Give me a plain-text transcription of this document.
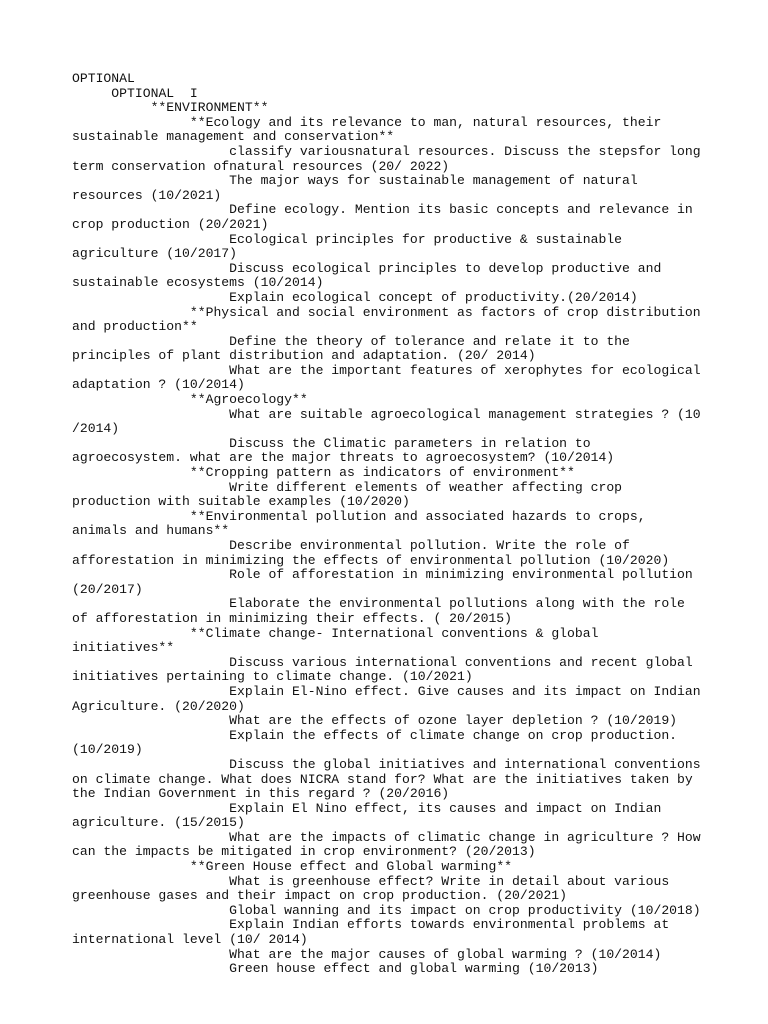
OPTIONAL
OPTIONAL  I
**ENVIRONMENT**
**Ecology and its relevance to man, natural resources, their sustainable management and conservation**
classify variousnatural resources. Discuss the stepsfor long term conservation ofnatural resources (20/ 2022)
The major ways for sustainable management of natural resources (10/2021)
Define ecology. Mention its basic concepts and relevance in crop production (20/2021)
Ecological principles for productive & sustainable agriculture (10/2017)
Discuss ecological principles to develop productive and sustainable ecosystems (10/2014)
Explain ecological concept of productivity.(20/2014)
**Physical and social environment as factors of crop distribution and production**
Define the theory of tolerance and relate it to the principles of plant distribution and adaptation. (20/ 2014)
What are the important features of xerophytes for ecological adaptation ? (10/2014)
**Agroecology**
What are suitable agroecological management strategies ? (10 /2014)
Discuss the Climatic parameters in relation to agroecosystem. what are the major threats to agroecosystem? (10/2014)
**Cropping pattern as indicators of environment**
Write different elements of weather affecting crop production with suitable examples (10/2020)
**Environmental pollution and associated hazards to crops, animals and humans**
Describe environmental pollution. Write the role of afforestation in minimizing the effects of environmental pollution (10/2020)
Role of afforestation in minimizing environmental pollution (20/2017)
Elaborate the environmental pollutions along with the role of afforestation in minimizing their effects. ( 20/2015)
**Climate change- International conventions & global initiatives**
Discuss various international conventions and recent global initiatives pertaining to climate change. (10/2021)
Explain El-Nino effect. Give causes and its impact on Indian Agriculture. (20/2020)
What are the effects of ozone layer depletion ? (10/2019)
Explain the effects of climate change on crop production. (10/2019)
Discuss the global initiatives and international conventions on climate change. What does NICRA stand for? What are the initiatives taken by the Indian Government in this regard ? (20/2016)
Explain El Nino effect, its causes and impact on Indian agriculture. (15/2015)
What are the impacts of climatic change in agriculture ? How can the impacts be mitigated in crop environment? (20/2013)
**Green House effect and Global warming**
What is greenhouse effect? Write in detail about various greenhouse gases and their impact on crop production. (20/2021)
Global wanning and its impact on crop productivity (10/2018)
Explain Indian efforts towards environmental problems at international level (10/ 2014)
What are the major causes of global warming ? (10/2014)
Green house effect and global warming (10/2013)
